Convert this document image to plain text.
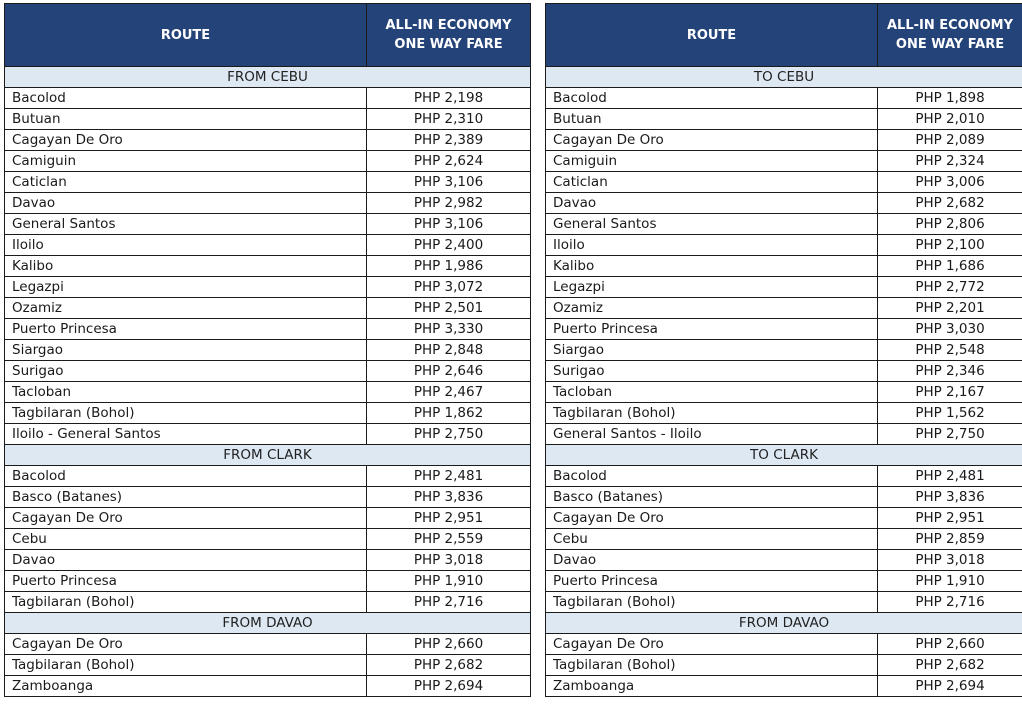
ROUTE	ALL-IN ECONOMY
ONE WAY FARE
FROM CEBU	
Bacolod	PHP 2,198
Butuan	PHP 2,310
Cagayan De Oro	PHP 2,389
Camiguin	PHP 2,624
Caticlan	PHP 3,106
Davao	PHP 2,982
General Santos	PHP 3,106
Iloilo	PHP 2,400
Kalibo	PHP 1,986
Legazpi	PHP 3,072
Ozamiz	PHP 2,501
Puerto Princesa	PHP 3,330
Siargao	PHP 2,848
Surigao	PHP 2,646
Tacloban	PHP 2,467
Tagbilaran (Bohol)	PHP 1,862
Iloilo - General Santos	PHP 2,750
FROM CLARK	
Bacolod	PHP 2,481
Basco (Batanes)	PHP 3,836
Cagayan De Oro	PHP 2,951
Cebu	PHP 2,559
Davao	PHP 3,018
Puerto Princesa	PHP 1,910
Tagbilaran (Bohol)	PHP 2,716
FROM DAVAO	
Cagayan De Oro	PHP 2,660
Tagbilaran (Bohol)	PHP 2,682
Zamboanga	PHP 2,694
ROUTE	ALL-IN ECONOMY
ONE WAY FARE
TO CEBU	
Bacolod	PHP 1,898
Butuan	PHP 2,010
Cagayan De Oro	PHP 2,089
Camiguin	PHP 2,324
Caticlan	PHP 3,006
Davao	PHP 2,682
General Santos	PHP 2,806
Iloilo	PHP 2,100
Kalibo	PHP 1,686
Legazpi	PHP 2,772
Ozamiz	PHP 2,201
Puerto Princesa	PHP 3,030
Siargao	PHP 2,548
Surigao	PHP 2,346
Tacloban	PHP 2,167
Tagbilaran (Bohol)	PHP 1,562
General Santos - Iloilo	PHP 2,750
TO CLARK	
Bacolod	PHP 2,481
Basco (Batanes)	PHP 3,836
Cagayan De Oro	PHP 2,951
Cebu	PHP 2,859
Davao	PHP 3,018
Puerto Princesa	PHP 1,910
Tagbilaran (Bohol)	PHP 2,716
FROM DAVAO	
Cagayan De Oro	PHP 2,660
Tagbilaran (Bohol)	PHP 2,682
Zamboanga	PHP 2,694
